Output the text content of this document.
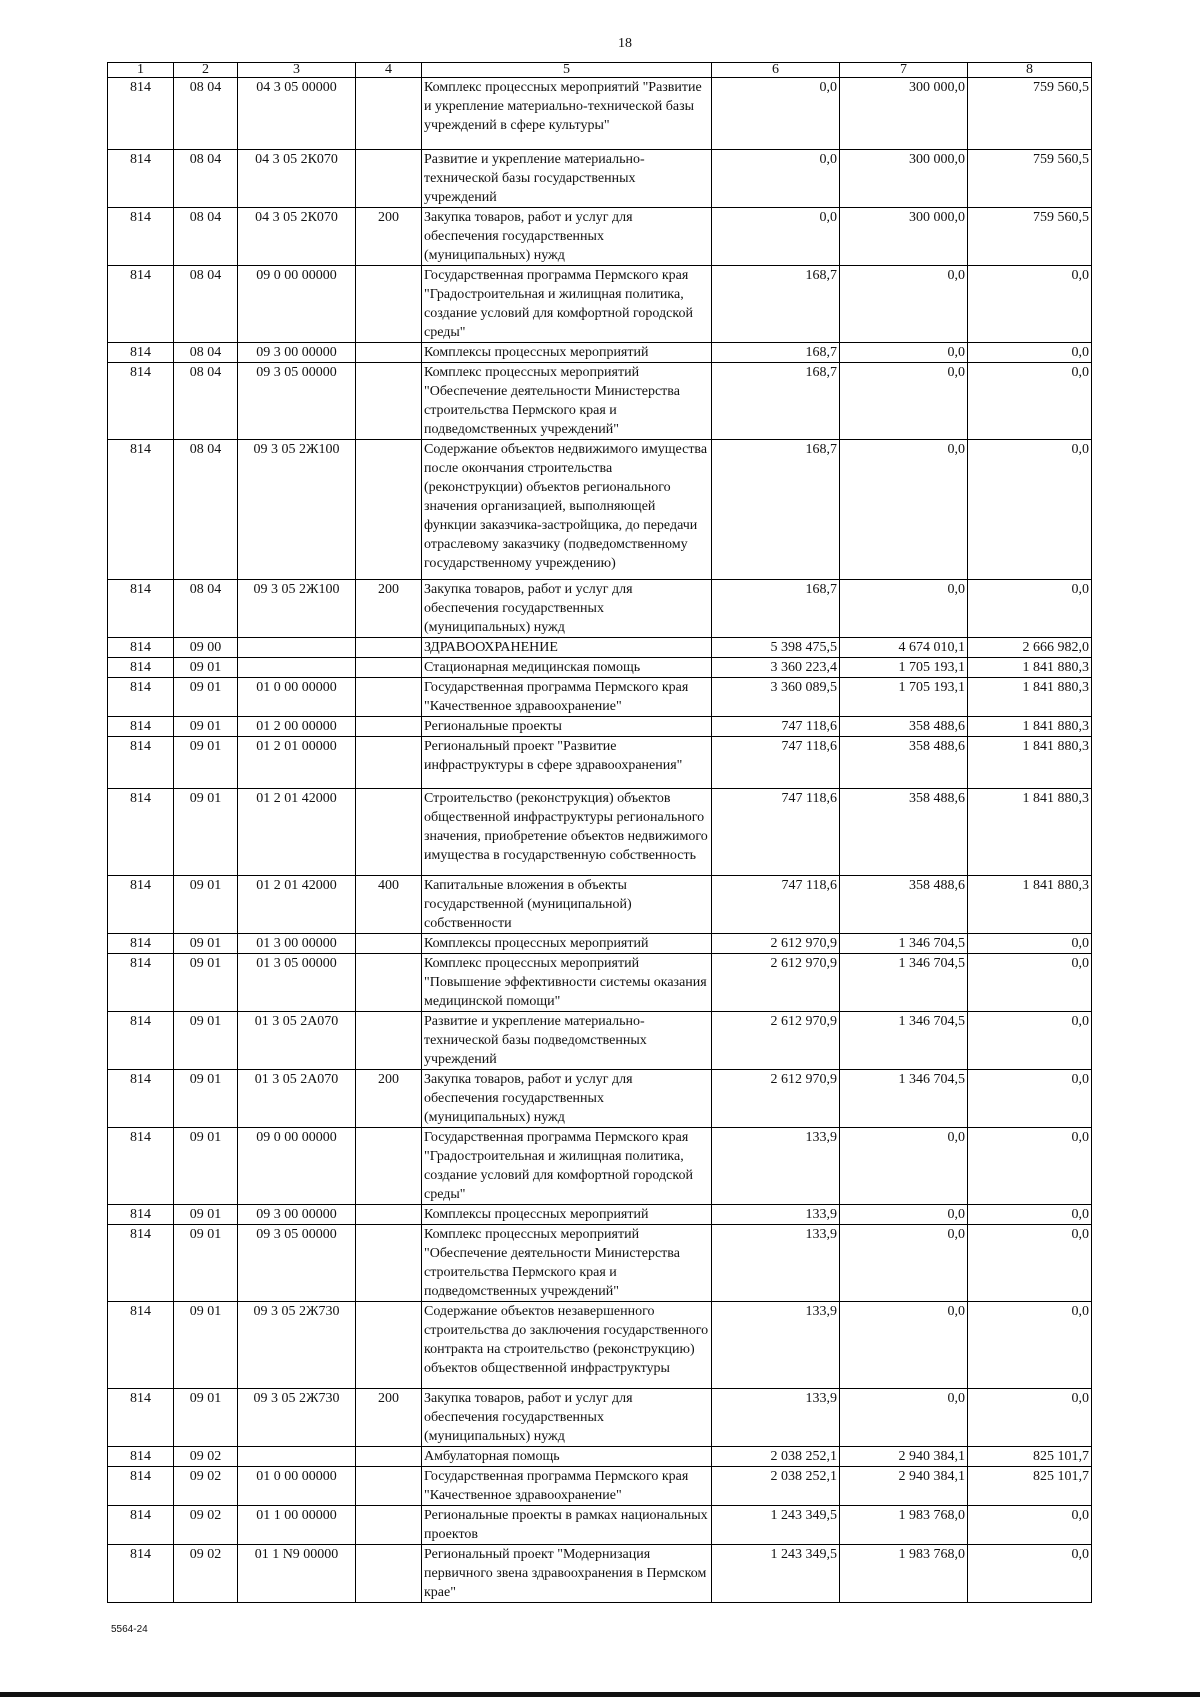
18
1	2	3	4	5	6	7	8
814	08 04	04 3 05 00000		Комплекс процессных мероприятий "Развитие и укрепление материально-технической базы учреждений в сфере культуры"	0,0	300 000,0	759 560,5
814	08 04	04 3 05 2К070		Развитие и укрепление материально-технической базы государственных учреждений	0,0	300 000,0	759 560,5
814	08 04	04 3 05 2К070	200	Закупка товаров, работ и услуг для обеспечения государственных (муниципальных) нужд	0,0	300 000,0	759 560,5
814	08 04	09 0 00 00000		Государственная программа Пермского края "Градостроительная и жилищная политика, создание условий для комфортной городской среды"	168,7	0,0	0,0
814	08 04	09 3 00 00000		Комплексы процессных мероприятий	168,7	0,0	0,0
814	08 04	09 3 05 00000		Комплекс процессных мероприятий "Обеспечение деятельности Министерства строительства Пермского края и подведомственных учреждений"	168,7	0,0	0,0
814	08 04	09 3 05 2Ж100		Содержание объектов недвижимого имущества после окончания строительства (реконструкции) объектов регионального значения организацией, выполняющей функции заказчика-застройщика, до передачи отраслевому заказчику (подведомственному государственному учреждению)	168,7	0,0	0,0
814	08 04	09 3 05 2Ж100	200	Закупка товаров, работ и услуг для обеспечения государственных (муниципальных) нужд	168,7	0,0	0,0
814	09 00			ЗДРАВООХРАНЕНИЕ	5 398 475,5	4 674 010,1	2 666 982,0
814	09 01			Стационарная медицинская помощь	3 360 223,4	1 705 193,1	1 841 880,3
814	09 01	01 0 00 00000		Государственная программа Пермского края "Качественное здравоохранение"	3 360 089,5	1 705 193,1	1 841 880,3
814	09 01	01 2 00 00000		Региональные проекты	747 118,6	358 488,6	1 841 880,3
814	09 01	01 2 01 00000		Региональный проект "Развитие инфраструктуры в сфере здравоохранения"	747 118,6	358 488,6	1 841 880,3
814	09 01	01 2 01 42000		Строительство (реконструкция) объектов общественной инфраструктуры регионального значения, приобретение объектов недвижимого имущества в государственную собственность	747 118,6	358 488,6	1 841 880,3
814	09 01	01 2 01 42000	400	Капитальные вложения в объекты государственной (муниципальной) собственности	747 118,6	358 488,6	1 841 880,3
814	09 01	01 3 00 00000		Комплексы процессных мероприятий	2 612 970,9	1 346 704,5	0,0
814	09 01	01 3 05 00000		Комплекс процессных мероприятий "Повышение эффективности системы оказания медицинской помощи"	2 612 970,9	1 346 704,5	0,0
814	09 01	01 3 05 2А070		Развитие и укрепление материально-технической базы подведомственных учреждений	2 612 970,9	1 346 704,5	0,0
814	09 01	01 3 05 2А070	200	Закупка товаров, работ и услуг для обеспечения государственных (муниципальных) нужд	2 612 970,9	1 346 704,5	0,0
814	09 01	09 0 00 00000		Государственная программа Пермского края "Градостроительная и жилищная политика, создание условий для комфортной городской среды"	133,9	0,0	0,0
814	09 01	09 3 00 00000		Комплексы процессных мероприятий	133,9	0,0	0,0
814	09 01	09 3 05 00000		Комплекс процессных мероприятий "Обеспечение деятельности Министерства строительства Пермского края и подведомственных учреждений"	133,9	0,0	0,0
814	09 01	09 3 05 2Ж730		Содержание объектов незавершенного строительства до заключения государственного контракта на строительство (реконструкцию) объектов общественной инфраструктуры	133,9	0,0	0,0
814	09 01	09 3 05 2Ж730	200	Закупка товаров, работ и услуг для обеспечения государственных (муниципальных) нужд	133,9	0,0	0,0
814	09 02			Амбулаторная помощь	2 038 252,1	2 940 384,1	825 101,7
814	09 02	01 0 00 00000		Государственная программа Пермского края "Качественное здравоохранение"	2 038 252,1	2 940 384,1	825 101,7
814	09 02	01 1 00 00000		Региональные проекты в рамках национальных проектов	1 243 349,5	1 983 768,0	0,0
814	09 02	01 1 N9 00000		Региональный проект "Модернизация первичного звена здравоохранения в Пермском крае"	1 243 349,5	1 983 768,0	0,0
5564-24
